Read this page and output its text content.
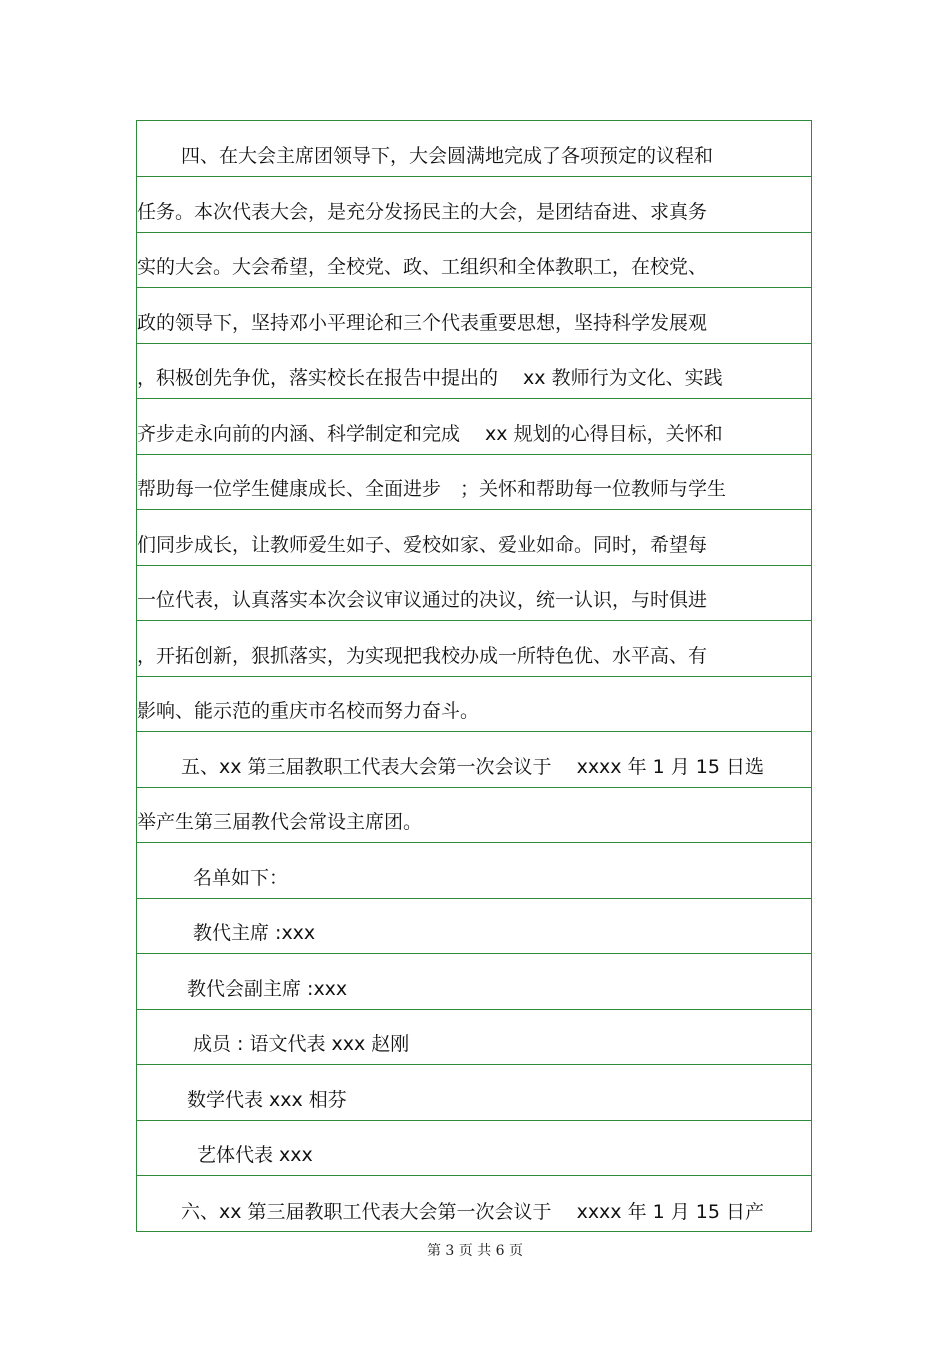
四、在大会主席团领导下，大会圆满地完成了各项预定的议程和
任务。本次代表大会，是充分发扬民主的大会，是团结奋进、求真务
实的大会。大会希望，全校党、政、工组织和全体教职工，在校党、
政的领导下，坚持邓小平理论和三个代表重要思想，坚持科学发展观
，积极创先争优，落实校长在报告中提出的　 xx 教师行为文化、实践
齐步走永向前的内涵、科学制定和完成　 xx 规划的心得目标，关怀和
帮助每一位学生健康成长、全面进步　；关怀和帮助每一位教师与学生
们同步成长，让教师爱生如子、爱校如家、爱业如命。同时，希望每
一位代表，认真落实本次会议审议通过的决议，统一认识，与时俱进
，开拓创新，狠抓落实，为实现把我校办成一所特色优、水平高、有
影响、能示范的重庆市名校而努力奋斗。
五、xx 第三届教职工代表大会第一次会议于　 xxxx 年 1 月 15 日选
举产生第三届教代会常设主席团。
名单如下：
教代主席 :xxx
教代会副主席 :xxx
成员 : 语文代表 xxx 赵刚
数学代表 xxx 相芬
艺体代表 xxx
六、xx 第三届教职工代表大会第一次会议于　 xxxx 年 1 月 15 日产
第 3 页 共 6 页
